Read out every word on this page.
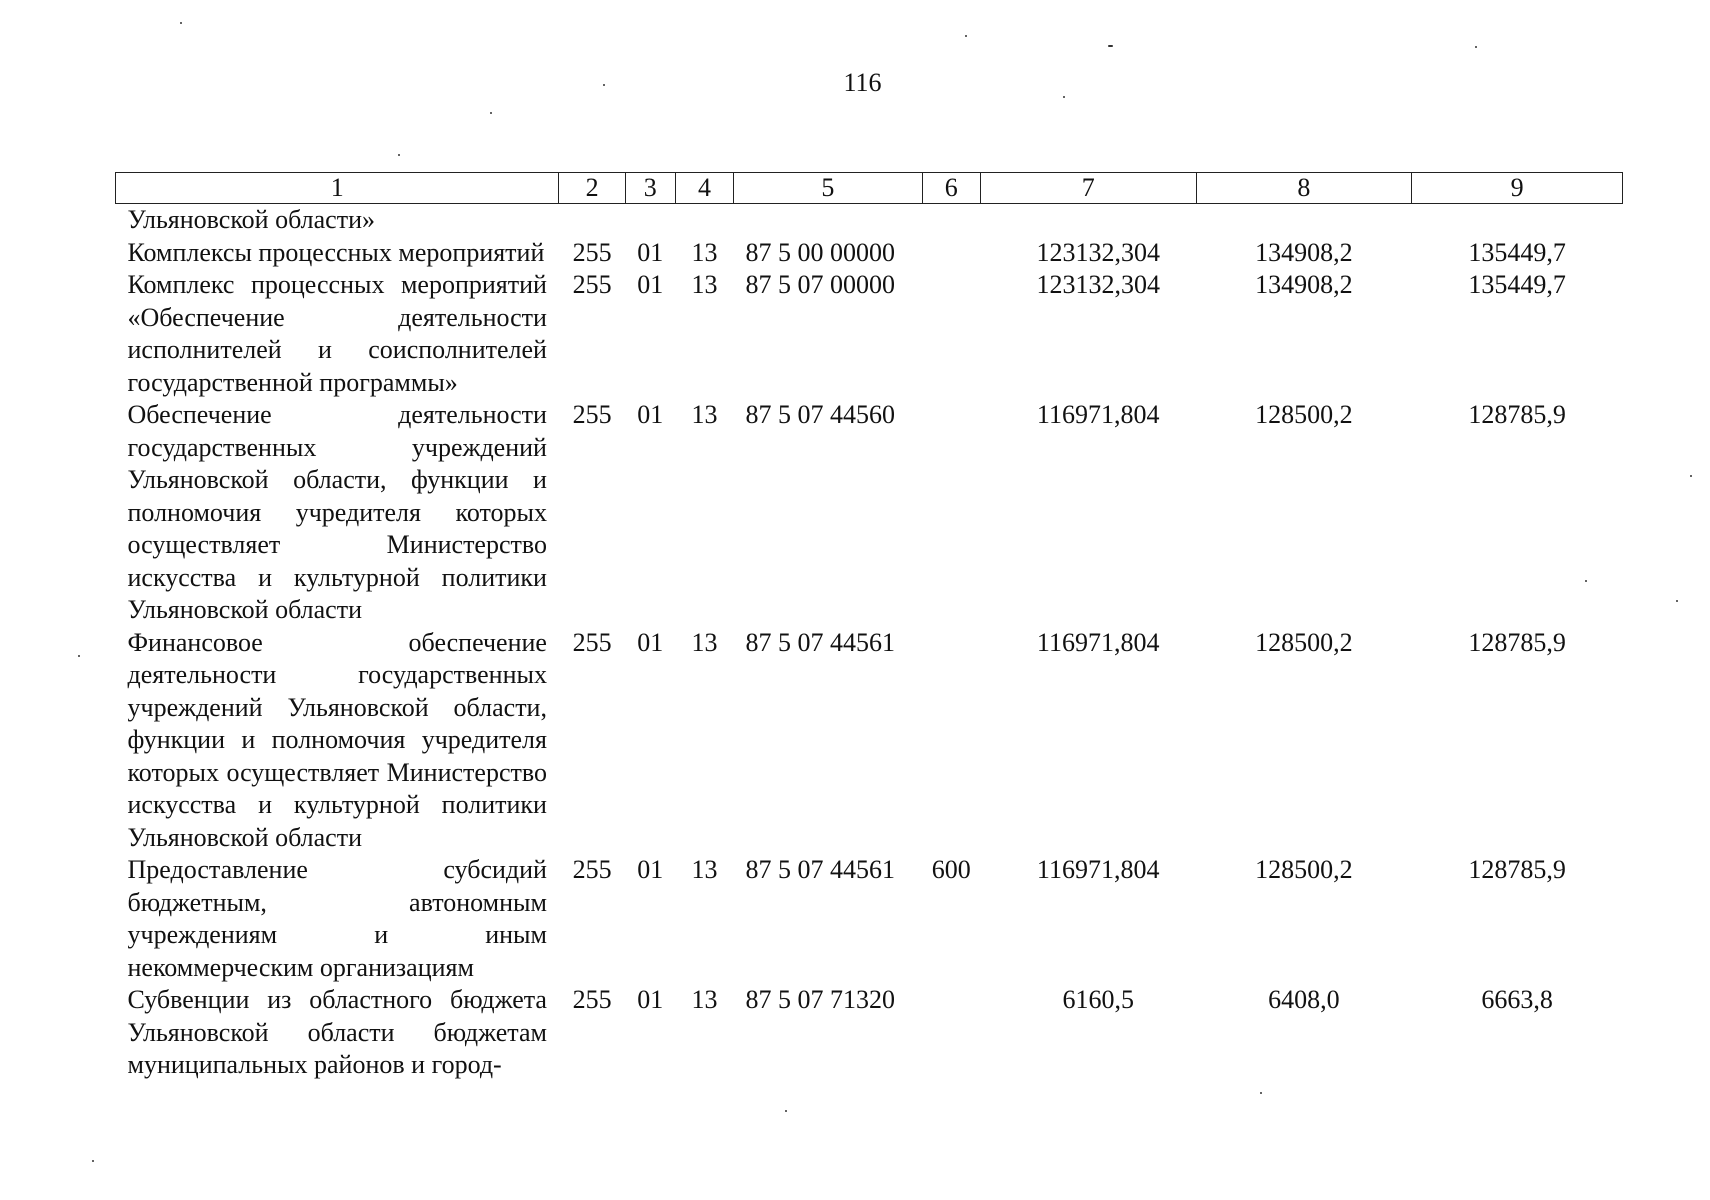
116
1	2	3	4	5	6	7	8	9
Ульяновской области»								
Комплексы процессных мероприятий	255	01	13	87 5 00 00000		123132,304	134908,2	135449,7
Комплекс процессных мероприятий «Обеспечение деятельности исполнителей и соисполнителей государственной программы»	255	01	13	87 5 07 00000		123132,304	134908,2	135449,7
Обеспечение деятельности государственных учреждений Ульяновской области, функции и полномочия учредителя которых осуществляет Министерство искусства и культурной политики Ульяновской области	255	01	13	87 5 07 44560		116971,804	128500,2	128785,9
Финансовое обеспечение деятельности государственных учреждений Ульяновской области, функции и полномочия учредителя которых осуществляет Министерство искусства и культурной политики Ульяновской области	255	01	13	87 5 07 44561		116971,804	128500,2	128785,9
Предоставление субсидий бюджетным, автономным учреждениям и иным некоммерческим организациям	255	01	13	87 5 07 44561	600	116971,804	128500,2	128785,9
Субвенции из областного бюджета Ульяновской области бюджетам муниципальных районов и город-	255	01	13	87 5 07 71320		6160,5	6408,0	6663,8
